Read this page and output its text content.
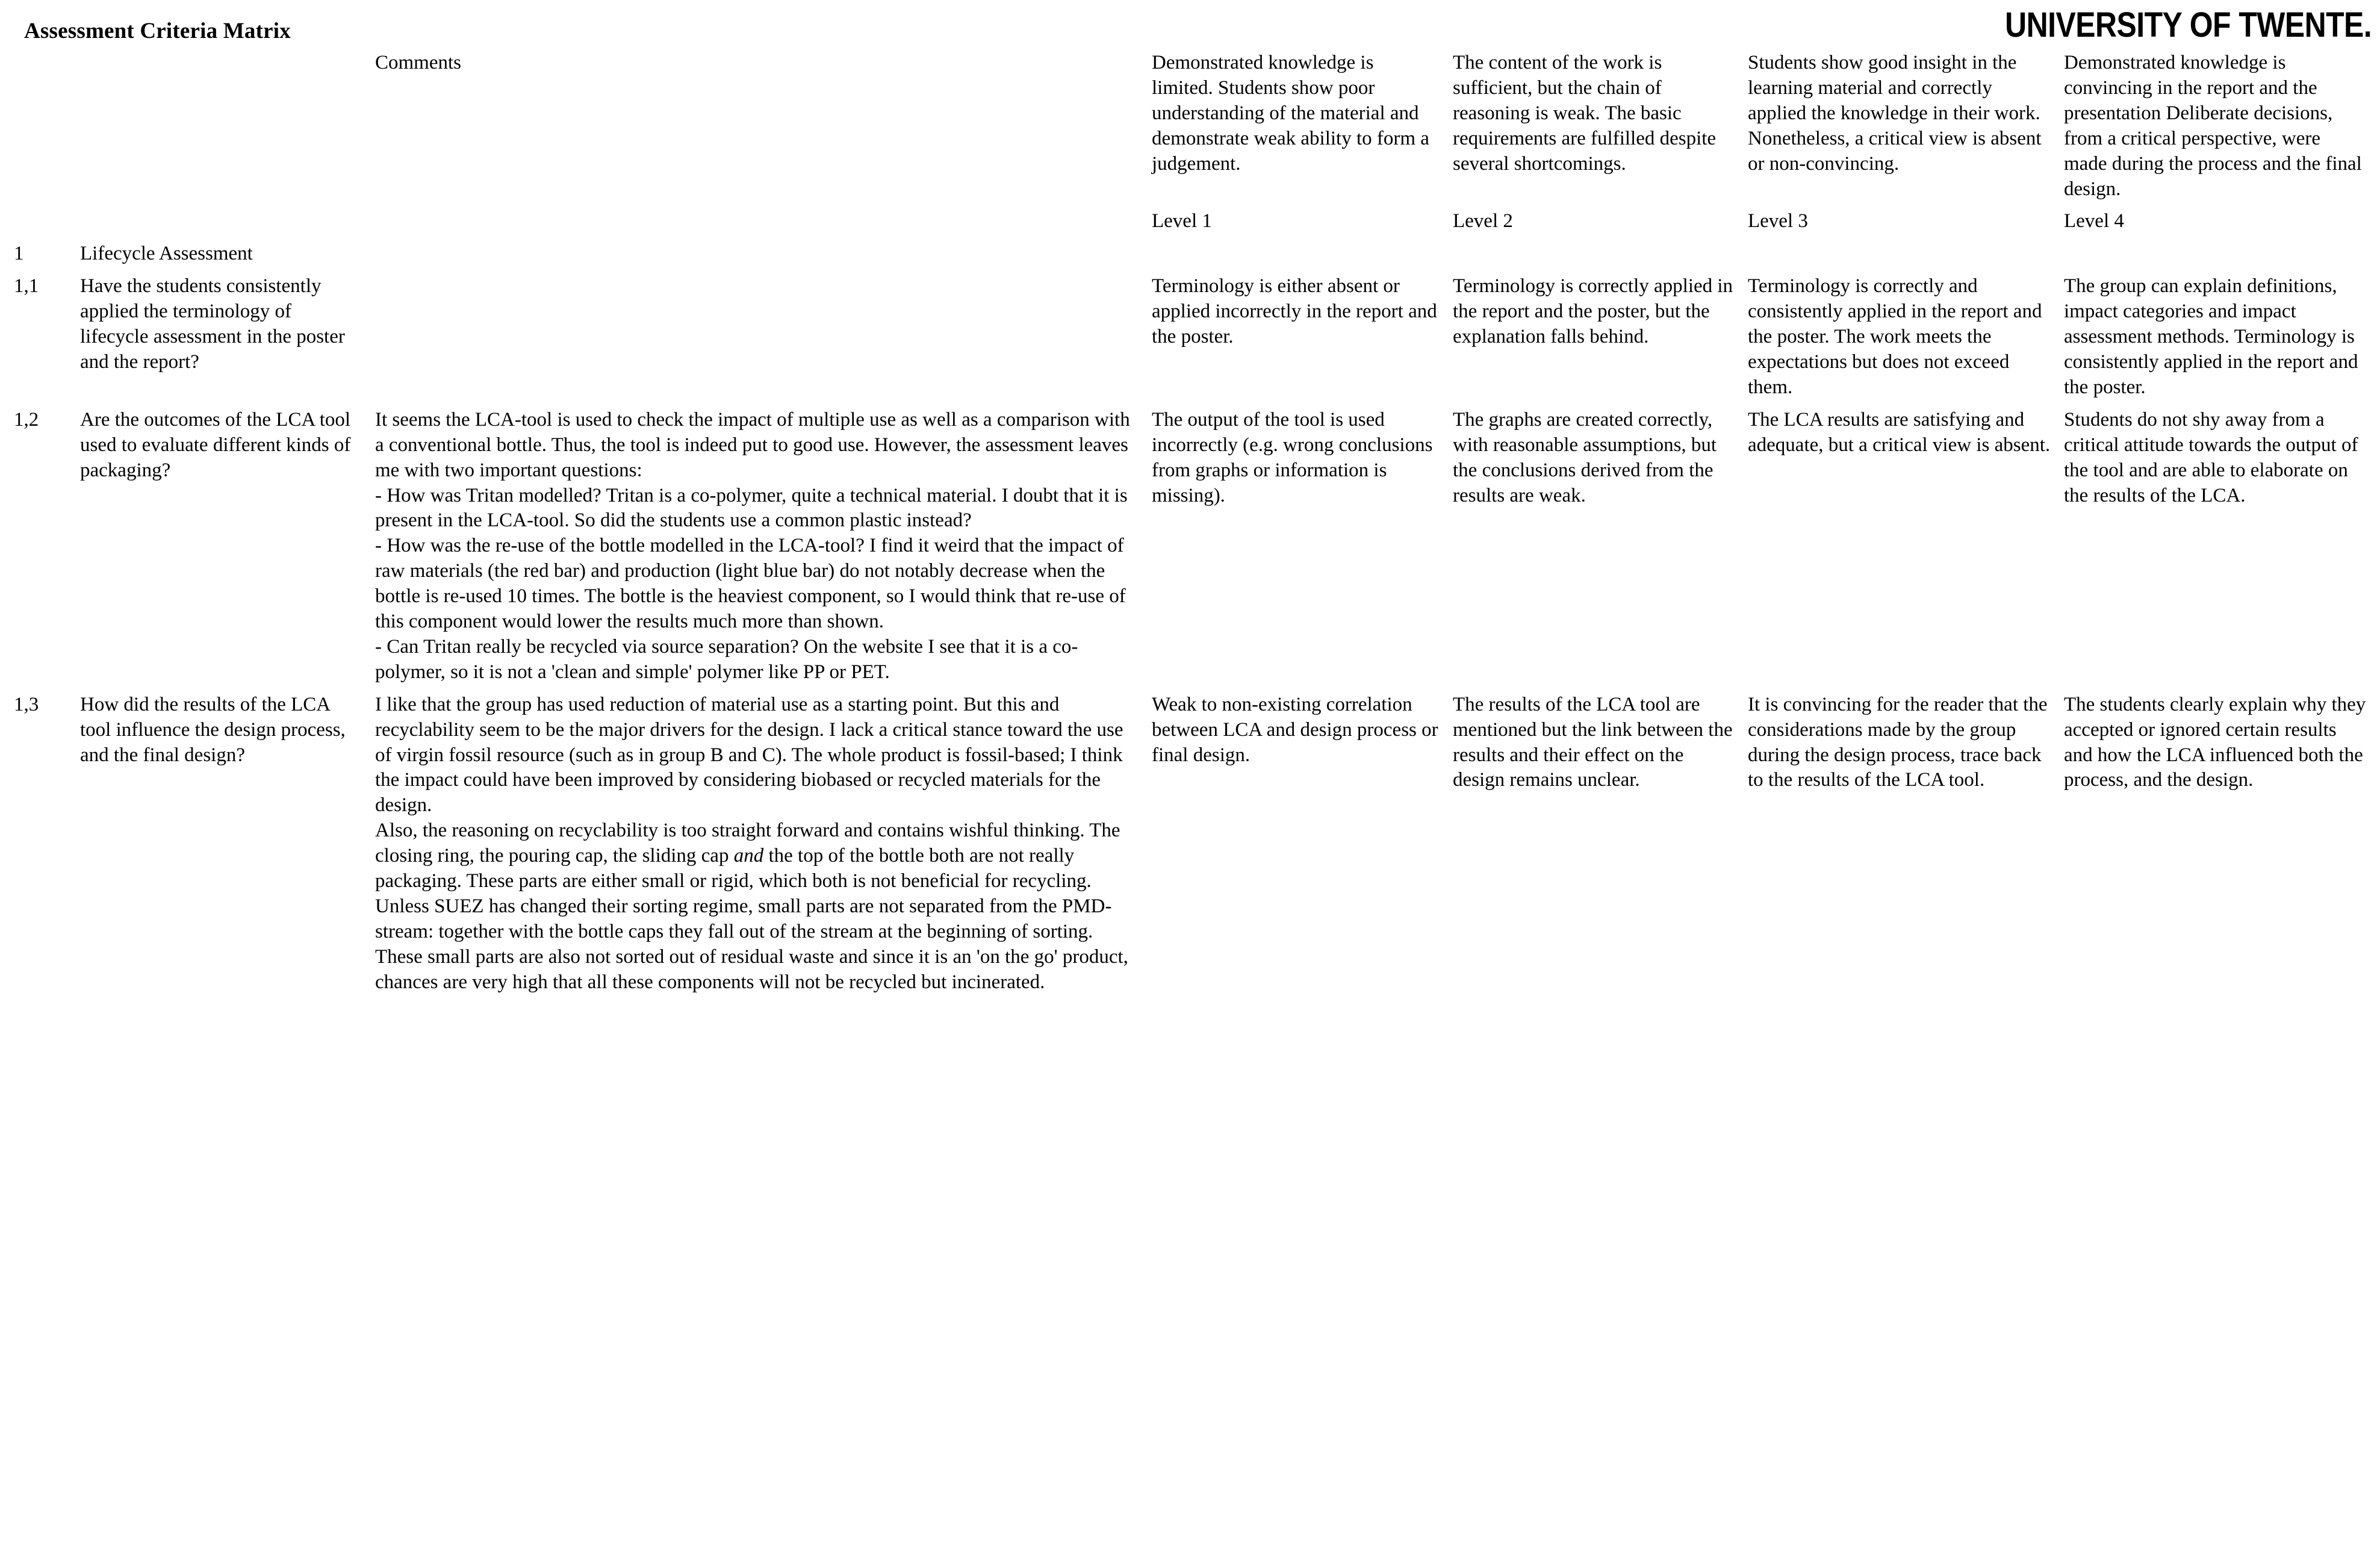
Assessment Criteria Matrix	UNIVERSITY OF TWENTE.

		Comments	Demonstrated knowledge is limited. Students show poor understanding of the material and demonstrate weak ability to form a judgement.	The content of the work is sufficient, but the chain of reasoning is weak. The basic requirements are fulfilled despite several shortcomings.	Students show good insight in the learning material and correctly applied the knowledge in their work. Nonetheless, a critical view is absent or non-convincing.	Demonstrated knowledge is convincing in the report and the presentation Deliberate decisions, from a critical perspective, were made during the process and the final design.
			Level 1	Level 2	Level 3	Level 4
1	Lifecycle Assessment					
1,1	Have the students consistently applied the terminology of lifecycle assessment in the poster and the report?		Terminology is either absent or applied incorrectly in the report and the poster.	Terminology is correctly applied in the report and the poster, but the explanation falls behind.	Terminology is correctly and consistently applied in the report and the poster. The work meets the expectations but does not exceed them.	The group can explain definitions, impact categories and impact assessment methods. Terminology is consistently applied in the report and the poster.
1,2	Are the outcomes of the LCA tool used to evaluate different kinds of packaging?	It seems the LCA-tool is used to check the impact of multiple use as well as a comparison with a conventional bottle. Thus, the tool is indeed put to good use. However, the assessment leaves me with two important questions:
- How was Tritan modelled? Tritan is a co-polymer, quite a technical material. I doubt that it is present in the LCA-tool. So did the students use a common plastic instead?
- How was the re-use of the bottle modelled in the LCA-tool? I find it weird that the impact of raw materials (the red bar) and production (light blue bar) do not notably decrease when the bottle is re-used 10 times. The bottle is the heaviest component, so I would think that re-use of this component would lower the results much more than shown.
- Can Tritan really be recycled via source separation? On the website I see that it is a co-polymer, so it is not a 'clean and simple' polymer like PP or PET.	The output of the tool is used incorrectly (e.g. wrong conclusions from graphs or information is missing).	The graphs are created correctly, with reasonable assumptions, but the conclusions derived from the results are weak.	The LCA results are satisfying and adequate, but a critical view is absent.	Students do not shy away from a critical attitude towards the output of the tool and are able to elaborate on the results of the LCA.
1,3	How did the results of the LCA tool influence the design process, and the final design?	I like that the group has used reduction of material use as a starting point. But this and recyclability seem to be the major drivers for the design. I lack a critical stance toward the use of virgin fossil resource (such as in group B and C). The whole product is fossil-based; I think the impact could have been improved by considering biobased or recycled materials for the design.
Also, the reasoning on recyclability is too straight forward and contains wishful thinking. The closing ring, the pouring cap, the sliding cap and the top of the bottle both are not really packaging. These parts are either small or rigid, which both is not beneficial for recycling. Unless SUEZ has changed their sorting regime, small parts are not separated from the PMD-stream: together with the bottle caps they fall out of the stream at the beginning of sorting. These small parts are also not sorted out of residual waste and since it is an 'on the go' product, chances are very high that all these components will not be recycled but incinerated.	Weak to non-existing correlation between LCA and design process or final design.	The results of the LCA tool are mentioned but the link between the results and their effect on the design remains unclear.	It is convincing for the reader that the considerations made by the group during the design process, trace back to the results of the LCA tool.	The students clearly explain why they accepted or ignored certain results and how the LCA influenced both the process, and the design.
